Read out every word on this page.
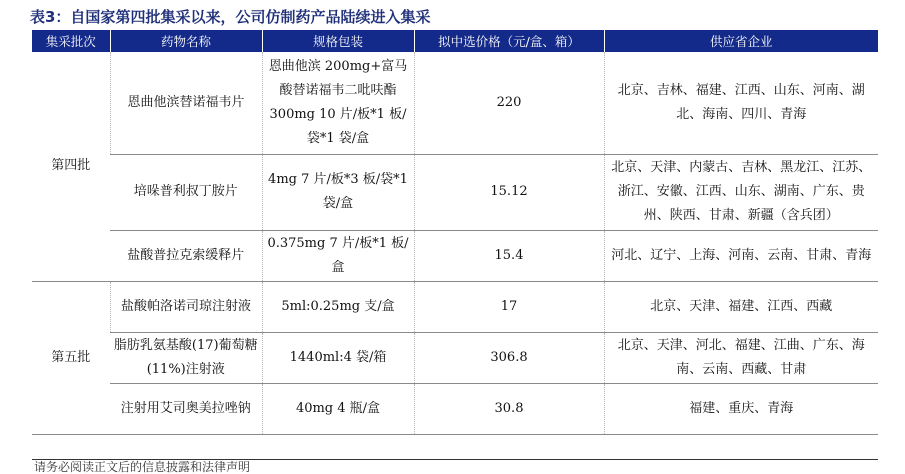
表3：自国家第四批集采以来，公司仿制药产品陆续进入集采
集采批次	药物名称	规格包装	拟中选价格（元/盒、箱）	供应省企业
第四批	恩曲他滨替诺福韦片	恩曲他滨 200mg+富马酸替诺福韦二吡呋酯 300mg 10 片/板*1 板/袋*1 袋/盒	220	北京、吉林、福建、江西、山东、河南、湖北、海南、四川、青海
	培哚普利叔丁胺片	4mg 7 片/板*3 板/袋*1 袋/盒	15.12	北京、天津、内蒙古、吉林、黑龙江、江苏、浙江、安徽、江西、山东、湖南、广东、贵州、陕西、甘肃、新疆（含兵团）
	盐酸普拉克索缓释片	0.375mg 7 片/板*1 板/盒	15.4	河北、辽宁、上海、河南、云南、甘肃、青海
第五批	盐酸帕洛诺司琼注射液	5ml:0.25mg 支/盒	17	北京、天津、福建、江西、西藏
	脂肪乳氨基酸(17)葡萄糖(11%)注射液	1440ml:4 袋/箱	306.8	北京、天津、河北、福建、江曲、广东、海南、云南、西藏、甘肃
	注射用艾司奥美拉唑钠	40mg 4 瓶/盒	30.8	福建、重庆、青海
请务必阅读正文后的信息披露和法律声明
